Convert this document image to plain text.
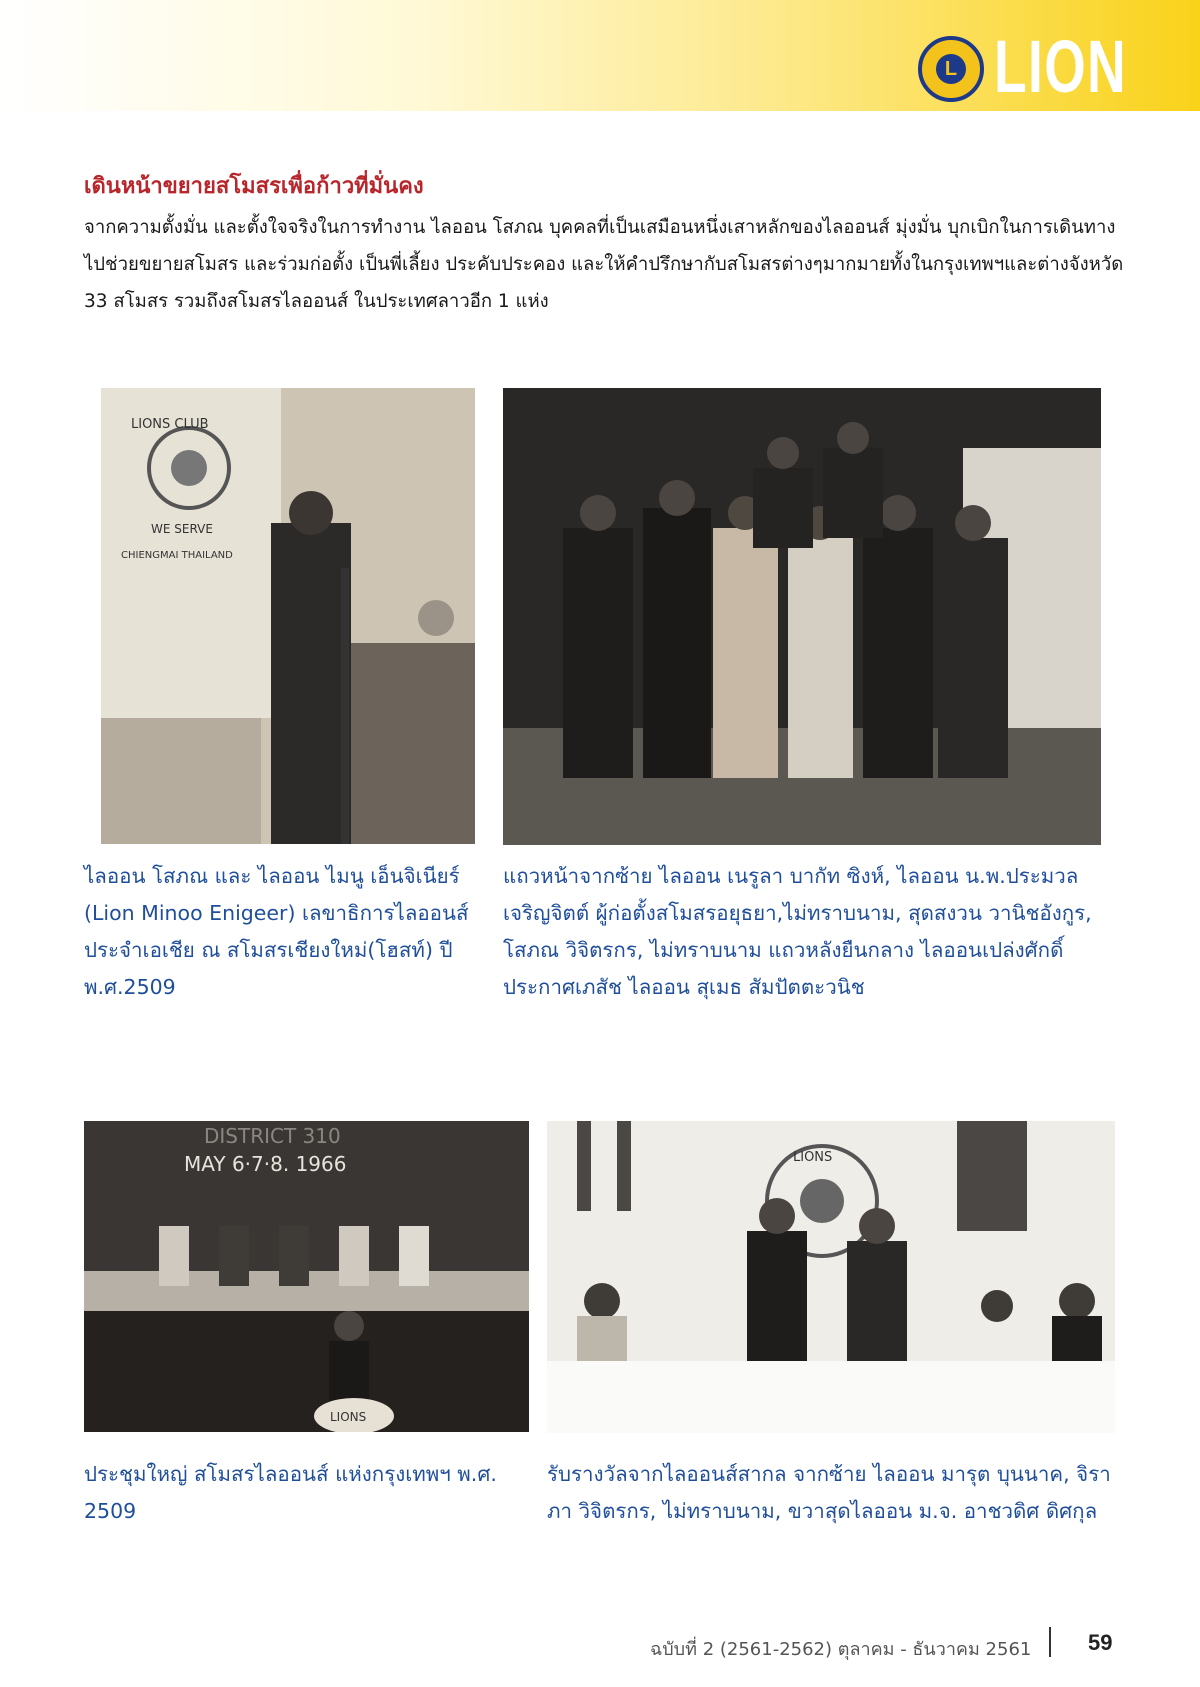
L LION
เดินหน้าขยายสโมสรเพื่อก้าวที่มั่นคง
จากความตั้งมั่น และตั้งใจจริงในการทำงาน ไลออน โสภณ บุคคลที่เป็นเสมือนหนึ่งเสาหลักของไลออนส์ มุ่งมั่น บุกเบิกในการเดินทางไปช่วยขยายสโมสร และร่วมก่อตั้ง เป็นพี่เลี้ยง ประคับประคอง และให้คำปรึกษากับสโมสรต่างๆมากมายทั้งในกรุงเทพฯและต่างจังหวัด 33 สโมสร รวมถึงสโมสรไลออนส์ ในประเทศลาวอีก 1 แห่ง
LIONS CLUB
WE SERVE
CHIENGMAI THAILAND
ไลออน โสภณ และ ไลออน ไมนู เอ็นจิเนียร์ (Lion Minoo Enigeer) เลขาธิการไลออนส์ประจำเอเชีย ณ สโมสรเชียงใหม่(โฮสท์) ปี พ.ศ.2509
แถวหน้าจากซ้าย ไลออน เนรูลา บากัท ซิงห์, ไลออน น.พ.ประมวล เจริญจิตต์ ผู้ก่อตั้งสโมสรอยุธยา,ไม่ทราบนาม, สุดสงวน วานิชอังกูร, โสภณ วิจิตรกร, ไม่ทราบนาม แถวหลังยืนกลาง ไลออนเปล่งศักดิ์ ประกาศเภสัช ไลออน สุเมธ สัมปัตตะวนิช
DISTRICT 310
MAY 6·7·8. 1966
LIONS
ประชุมใหญ่ สโมสรไลออนส์ แห่งกรุงเทพฯ พ.ศ. 2509
LIONS
รับรางวัลจากไลออนส์สากล จากซ้าย ไลออน มารุต บุนนาค, จิราภา วิจิตรกร, ไม่ทราบนาม, ขวาสุดไลออน ม.จ. อาชวดิศ ดิศกุล
ฉบับที่ 2 (2561-2562) ตุลาคม - ธันวาคม 2561	59
